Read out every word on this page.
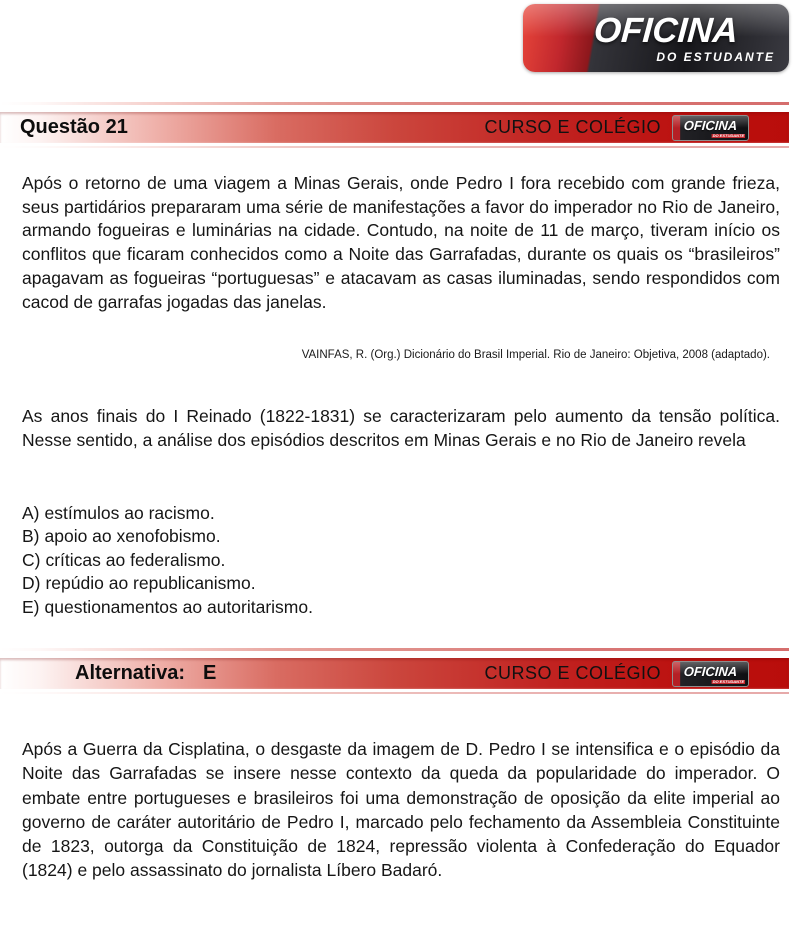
OFICINA
DO ESTUDANTE
Questão 21	CURSO E COLÉGIO	OFICINA
DO ESTUDANTE
Após o retorno de uma viagem a Minas Gerais, onde Pedro I fora recebido com grande frieza, seus partidários prepararam uma série de manifestações a favor do imperador no Rio de Janeiro, armando fogueiras e luminárias na cidade. Contudo, na noite de 11 de março, tiveram início os conflitos que ficaram conhecidos como a Noite das Garrafadas, durante os quais os “brasileiros” apagavam as fogueiras “portuguesas” e atacavam as casas iluminadas, sendo respondidos com cacod de garrafas jogadas das janelas.
VAINFAS, R. (Org.) Dicionário do Brasil Imperial. Rio de Janeiro: Objetiva, 2008 (adaptado).
As anos finais do I Reinado (1822-1831) se caracterizaram pelo aumento da tensão política. Nesse sentido, a análise dos episódios descritos em Minas Gerais e no Rio de Janeiro revela
A) estímulos ao racismo.
B) apoio ao xenofobismo.
C) críticas ao federalismo.
D) repúdio ao republicanismo.
E) questionamentos ao autoritarismo.
Alternativa: E	CURSO E COLÉGIO	OFICINA
DO ESTUDANTE
Após a Guerra da Cisplatina, o desgaste da imagem de D. Pedro I se intensifica e o episódio da Noite das Garrafadas se insere nesse contexto da queda da popularidade do imperador. O embate entre portugueses e brasileiros foi uma demonstração de oposição da elite imperial ao governo de caráter autoritário de Pedro I, marcado pelo fechamento da Assembleia Constituinte de 1823, outorga da Constituição de 1824, repressão violenta à Confederação do Equador (1824) e pelo assassinato do jornalista Líbero Badaró.
